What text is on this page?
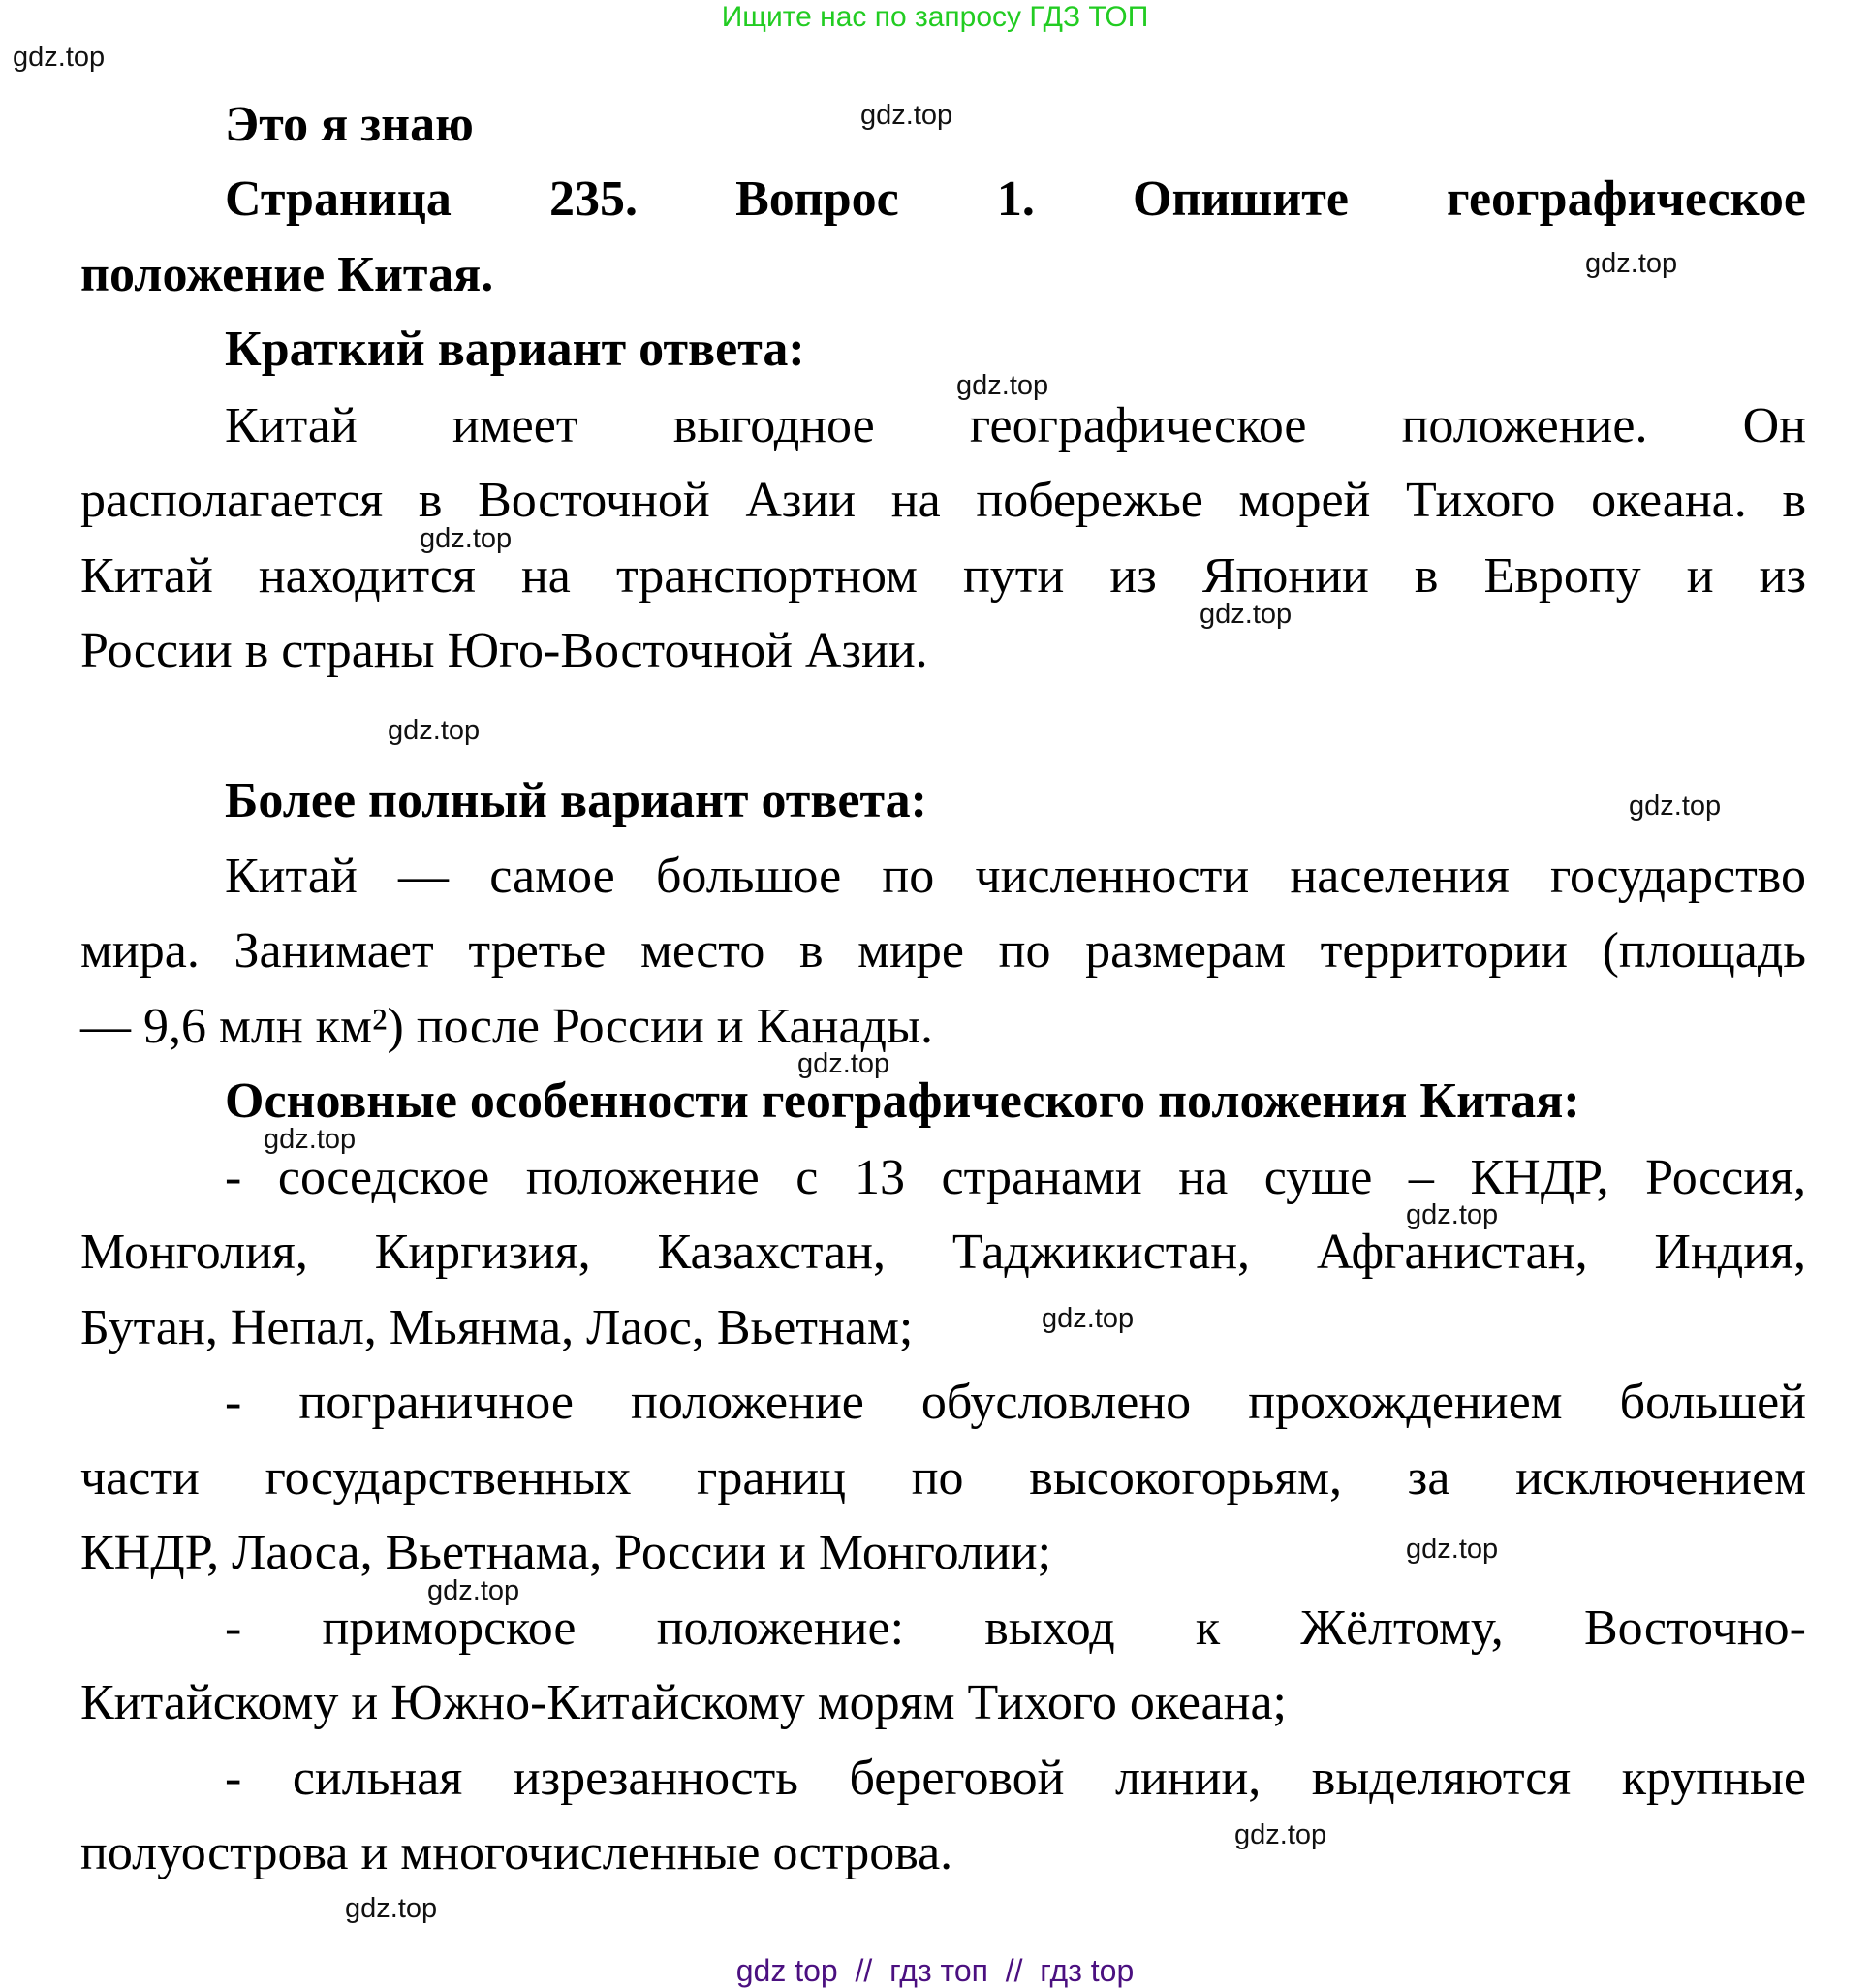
Ищите нас по запросу ГДЗ ТОП
Это я знаю
Страница 235. Вопрос 1. Опишите географическое
положение Китая.
Краткий вариант ответа:
Китай имеет выгодное географическое положение. Он
располагается в Восточной Азии на побережье морей Тихого океана. в
Китай находится на транспортном пути из Японии в Европу и из
России в страны Юго-Восточной Азии.
Более полный вариант ответа:
Китай — самое большое по численности населения государство
мира. Занимает третье место в мире по размерам территории (площадь
— 9,6 млн км²) после России и Канады.
Основные особенности географического положения Китая:
- соседское положение с 13 странами на суше – КНДР, Россия,
Монголия, Киргизия, Казахстан, Таджикистан, Афганистан, Индия,
Бутан, Непал, Мьянма, Лаос, Вьетнам;
- пограничное положение обусловлено прохождением большей
части государственных границ по высокогорьям, за исключением
КНДР, Лаоса, Вьетнама, России и Монголии;
- приморское положение: выход к Жёлтому, Восточно-
Китайскому и Южно-Китайскому морям Тихого океана;
- сильная изрезанность береговой линии, выделяются крупные
полуострова и многочисленные острова.
gdz.top
gdz.top
gdz.top
gdz.top
gdz.top
gdz.top
gdz.top
gdz.top
gdz.top
gdz.top
gdz.top
gdz.top
gdz.top
gdz.top
gdz.top
gdz.top
gdz top  //  гдз топ  //  гдз top
